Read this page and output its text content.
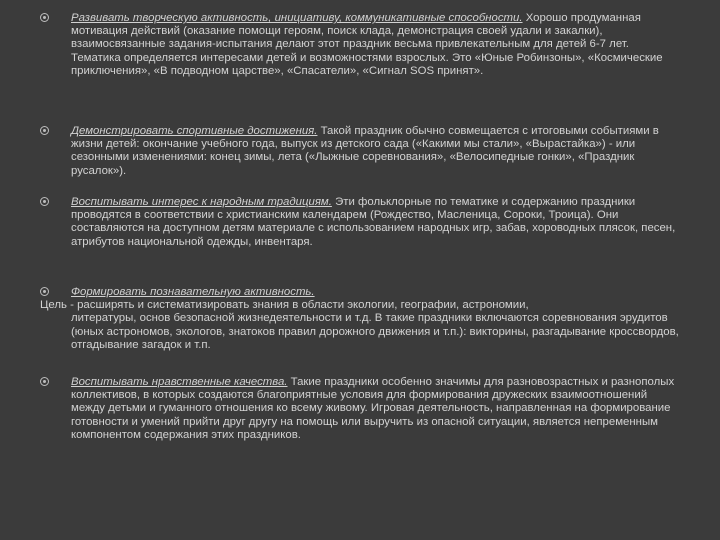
Развивать творческую активность, инициативу, коммуникативные способности. Хорошо продуманная мотивация действий (оказание помощи героям, поиск клада, демонстрация своей удали и закалки), взаимосвязанные задания-испытания делают этот праздник весьма привлекательным для детей 6-7 лет. Тематика определяется интересами детей и возможностями взрослых. Это «Юные Робинзоны», «Космические приключения», «В подводном царстве», «Спасатели», «Сигнал SOS принят».
Демонстрировать спортивные достижения. Такой праздник обычно совмещается с итоговыми событиями в жизни детей: окончание учебного года, выпуск из детского сада («Какими мы стали», «Вырастайка») - или сезонными изменениями: конец зимы, лета («Лыжные соревнования», «Велосипедные гонки», «Праздник русалок»).
Воспитывать интерес к народным традициям. Эти фольклорные по тематике и содержанию праздники проводятся в соответствии с христианским календарем (Рождество, Масленица, Сороки, Троица). Они составляются на доступном детям материале с использованием народных игр, забав, хороводных плясок, песен, атрибутов национальной одежды, инвентаря.
Формировать познавательную активность.
Цель - расширять и систематизировать знания в области экологии, географии, астрономии,
литературы, основ безопасной жизнедеятельности и т.д. В такие праздники включаются соревнования эрудитов (юных астрономов, экологов, знатоков правил дорожного движения и т.п.): викторины, разгадывание кроссвордов, отгадывание загадок и т.п.
Воспитывать нравственные качества. Такие праздники особенно значимы для разновозрастных и разнополых коллективов, в которых создаются благоприятные условия для формирования дружеских взаимоотношений между детьми и гуманного отношения ко всему живому. Игровая деятельность, направленная на формирование готовности и умений прийти друг другу на помощь или выручить из опасной ситуации, является непременным компонентом содержания этих праздников.
